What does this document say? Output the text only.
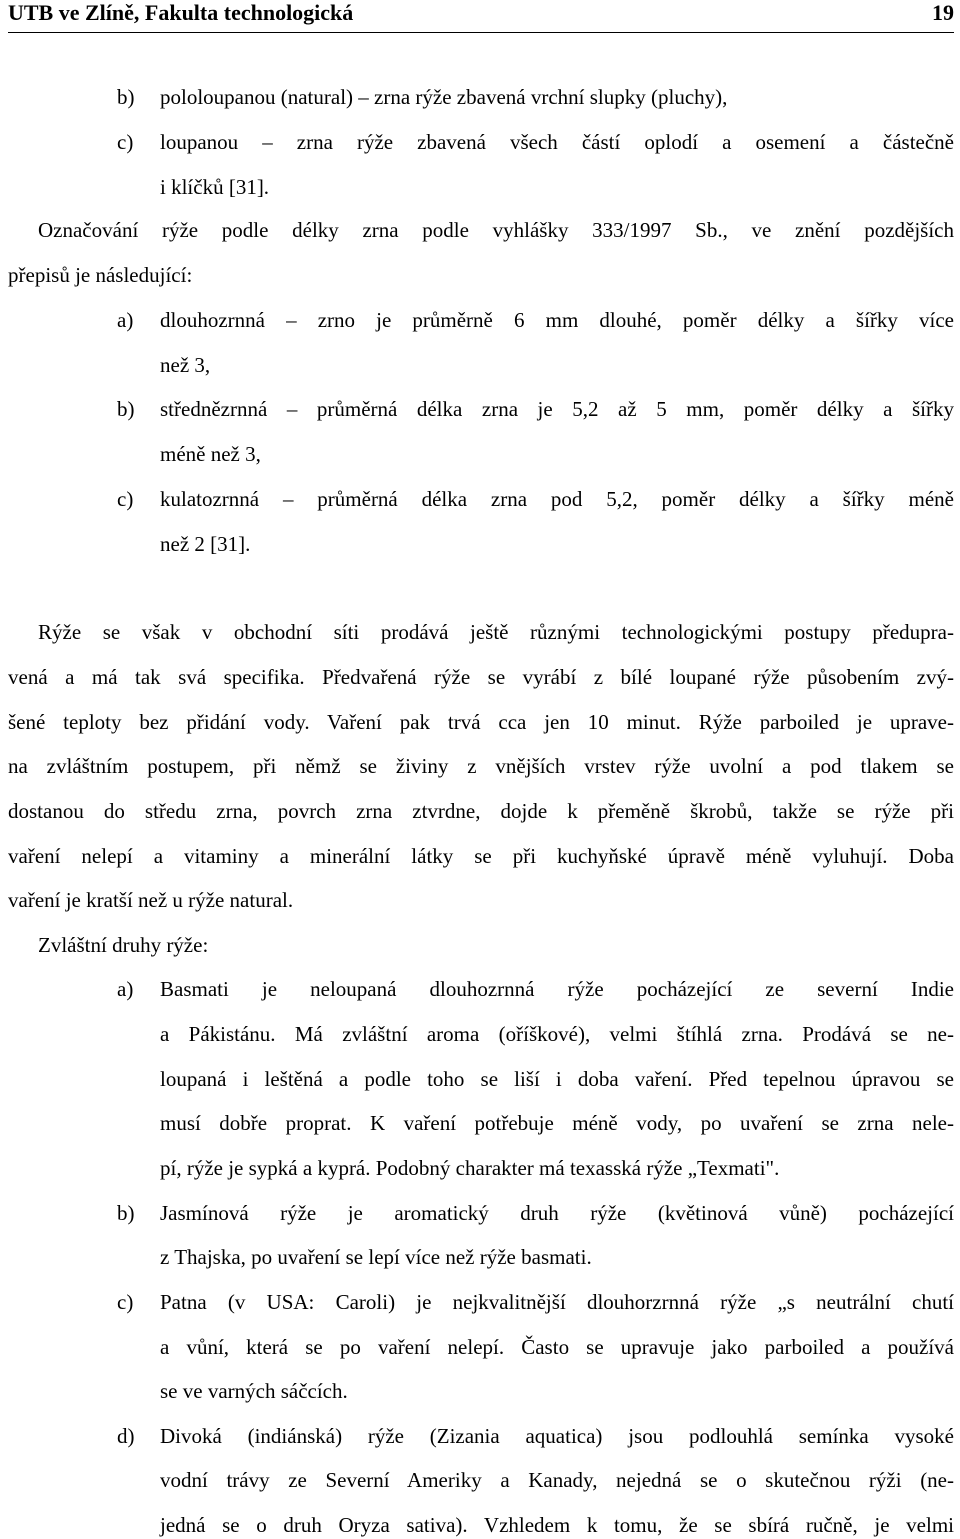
UTB ve Zlíně, Fakultа technologická	19
b) pololoupanou (natural) – zrna rýže zbavená vrchní slupky (pluchy),
c) loupanou – zrna rýže zbavená všech částí oplodí a osemení a částečně
i klíčků [31].
Označování rýže podle délky zrna podle vyhlášky 333/1997 Sb., ve znění pozdějších
přepisů je následující:
a) dlouhozrnná – zrno je průměrně 6 mm dlouhé, poměr délky a šířky více
než 3,
b) střednězrnná – průměrná délka zrna je 5,2 až 5 mm, poměr délky a šířky
méně než 3,
c) kulatozrnná – průměrná délka zrna pod 5,2, poměr délky a šířky méně
než 2 [31].
Rýže se však v obchodní síti prodává ještě různými technologickými postupy předupra-
vená a má tak svá specifika. Předvařená rýže se vyrábí z bílé loupané rýže působením zvý-
šené teploty bez přidání vody. Vaření pak trvá cca jen 10 minut. Rýže parboiled je uprave-
na zvláštním postupem, při němž se živiny z vnějších vrstev rýže uvolní a pod tlakem se
dostanou do středu zrna, povrch zrna ztvrdne, dojde k přeměně škrobů, takže se rýže při
vaření nelepí a vitaminy a minerální látky se při kuchyňské úpravě méně vyluhují. Doba
vaření je kratší než u rýže natural.
Zvláštní druhy rýže:
a) Basmati je neloupaná dlouhozrnná rýže pocházející ze severní Indie
a Pákistánu. Má zvláštní aroma (oříškové), velmi štíhlá zrna. Prodává se ne-
loupaná i leštěná a podle toho se liší i doba vaření. Před tepelnou úpravou se
musí dobře proprat. K vaření potřebuje méně vody, po uvaření se zrna nele-
pí, rýže je sypká a kyprá. Podobný charakter má texasská rýže „Texmati".
b) Jasmínová rýže je aromatický druh rýže (květinová vůně) pocházející
z Thajska, po uvaření se lepí více než rýže basmati.
c) Patna (v USA: Caroli) je nejkvalitnější dlouhorzrnná rýže „s neutrální chutí
a vůní, která se po vaření nelepí. Často se upravuje jako parboiled a používá
se ve varných sáčcích.
d) Divoká (indiánská) rýže (Zizania aquatica) jsou podlouhlá semínka vysoké
vodní trávy ze Severní Ameriky a Kanady, nejedná se o skutečnou rýži (ne-
jedná se o druh Oryza sativa). Vzhledem k tomu, že se sbírá ručně, je velmi
